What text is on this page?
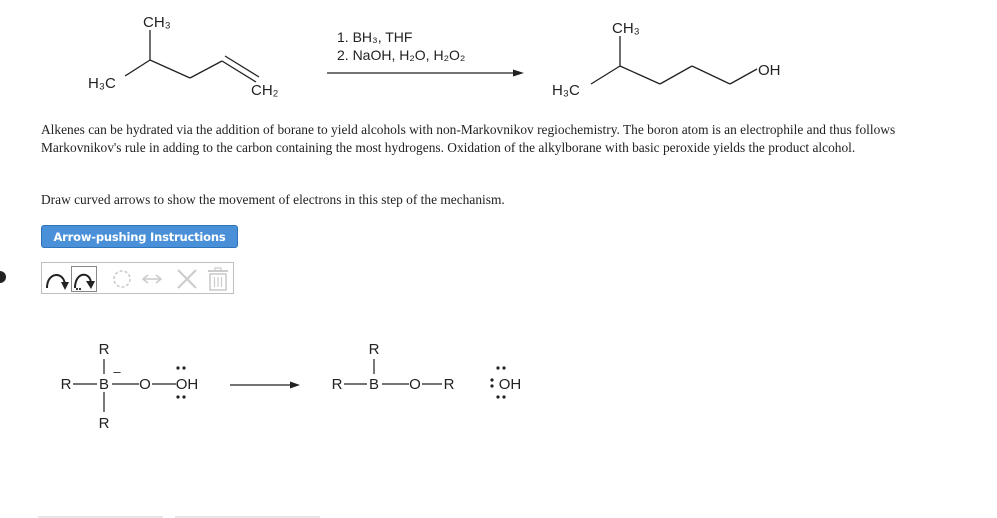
CH₃
H₃C	CH₂
1. BH₃, THF
2. NaOH, H₂O, H₂O₂
CH₃
H₃C
OH

Alkenes can be hydrated via the addition of borane to yield alcohols with non-Markovnikov regiochemistry. The boron atom is an electrophile and thus follows Markovnikov's rule in adding to the carbon containing the most hydrogens. Oxidation of the alkylborane with basic peroxide yields the product alcohol.

Draw curved arrows to show the movement of electrons in this step of the mechanism.

Arrow-pushing Instructions
R
R B
–
O OH
R
R
R B O R	OH
